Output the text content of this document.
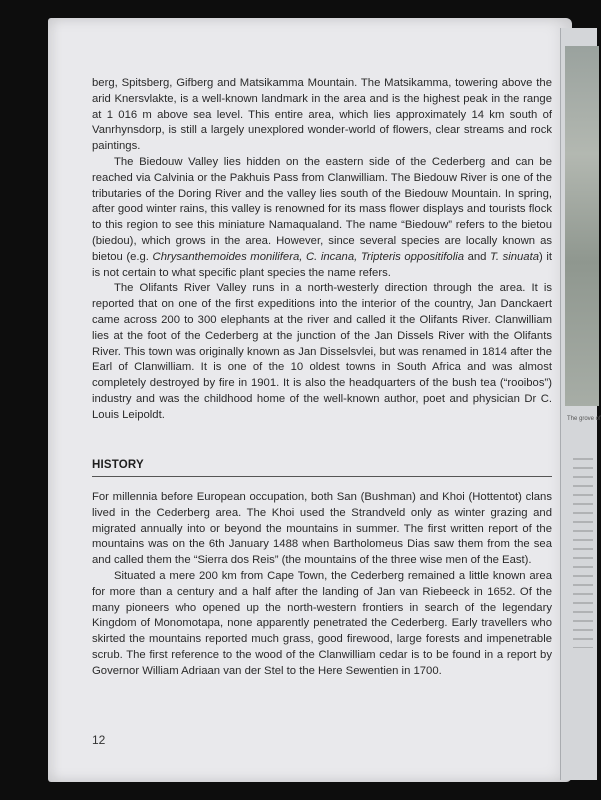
The grove of

berg, Spitsberg, Gifberg and Matsikamma Mountain. The Matsikamma, towering above the arid Knersvlakte, is a well-known landmark in the area and is the highest peak in the range at 1 016 m above sea level. This entire area, which lies approximately 14 km south of Vanrhynsdorp, is still a largely unexplored wonder-world of flowers, clear streams and rock paintings.

The Biedouw Valley lies hidden on the eastern side of the Cederberg and can be reached via Calvinia or the Pakhuis Pass from Clanwilliam. The Biedouw River is one of the tributaries of the Doring River and the valley lies south of the Biedouw Mountain. In spring, after good winter rains, this valley is renowned for its mass flower displays and tourists flock to this region to see this miniature Namaqualand. The name “Biedouw” refers to the bietou (biedou), which grows in the area. However, since several species are locally known as bietou (e.g. Chrysanthemoides monilifera, C. incana, Tripteris oppositifolia and T. sinuata) it is not certain to what specific plant species the name refers.

The Olifants River Valley runs in a north-westerly direction through the area. It is reported that on one of the first expeditions into the interior of the country, Jan Danckaert came across 200 to 300 elephants at the river and called it the Olifants River. Clanwilliam lies at the foot of the Cederberg at the junction of the Jan Dissels River with the Olifants River. This town was originally known as Jan Disselsvlei, but was renamed in 1814 after the Earl of Clanwilliam. It is one of the 10 oldest towns in South Africa and was almost completely destroyed by fire in 1901. It is also the headquarters of the bush tea (“rooibos”) industry and was the childhood home of the well-known author, poet and physician Dr C. Louis Leipoldt.

HISTORY

For millennia before European occupation, both San (Bushman) and Khoi (Hottentot) clans lived in the Cederberg area. The Khoi used the Strandveld only as winter grazing and migrated annually into or beyond the mountains in summer. The first written report of the mountains was on the 6th January 1488 when Bartholomeus Dias saw them from the sea and called them the “Sierra dos Reis” (the mountains of the three wise men of the East).

Situated a mere 200 km from Cape Town, the Cederberg remained a little known area for more than a century and a half after the landing of Jan van Riebeeck in 1652. Of the many pioneers who opened up the north-western frontiers in search of the legendary Kingdom of Monomotapa, none apparently penetrated the Cederberg. Early travellers who skirted the mountains reported much grass, good firewood, large forests and impenetrable scrub. The first reference to the wood of the Clanwilliam cedar is to be found in a report by Governor William Adriaan van der Stel to the Here Sewentien in 1700.

12
